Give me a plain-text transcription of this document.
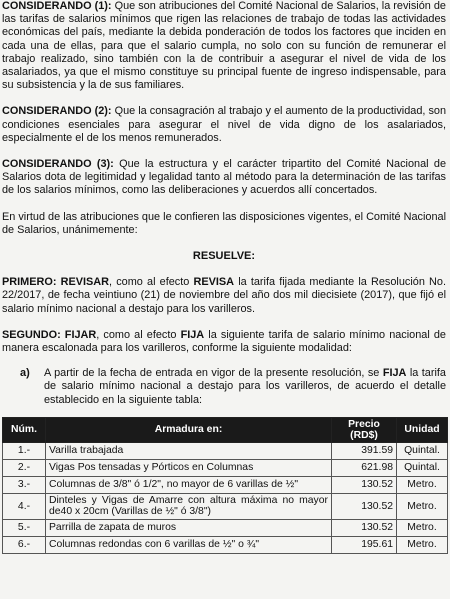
CONSIDERANDO (1): Que son atribuciones del Comité Nacional de Salarios, la revisión de las tarifas de salarios mínimos que rigen las relaciones de trabajo de todas las actividades económicas del país, mediante la debida ponderación de todos los factores que inciden en cada una de ellas, para que el salario cumpla, no solo con su función de remunerar el trabajo realizado, sino también con la de contribuir a asegurar el nivel de vida de los asalariados, ya que el mismo constituye su principal fuente de ingreso indispensable, para su subsistencia y la de sus familiares.

CONSIDERANDO (2): Que la consagración al trabajo y el aumento de la productividad, son condiciones esenciales para asegurar el nivel de vida digno de los asalariados, especialmente el de los menos remunerados.

CONSIDERANDO (3): Que la estructura y el carácter tripartito del Comité Nacional de Salarios dota de legitimidad y legalidad tanto al método para la determinación de las tarifas de los salarios mínimos, como las deliberaciones y acuerdos allí concertados.

En virtud de las atribuciones que le confieren las disposiciones vigentes, el Comité Nacional de Salarios, unánimemente:

RESUELVE:

PRIMERO: REVISAR, como al efecto REVISA la tarifa fijada mediante la Resolución No. 22/2017, de fecha veintiuno (21) de noviembre del año dos mil diecisiete (2017), que fijó el salario mínimo nacional a destajo para los varilleros.

SEGUNDO: FIJAR, como al efecto FIJA la siguiente tarifa de salario mínimo nacional de manera escalonada para los varilleros, conforme la siguiente modalidad:

a)	A partir de la fecha de entrada en vigor de la presente resolución, se FIJA la tarifa de salario mínimo nacional a destajo para los varilleros, de acuerdo el detalle establecido en la siguiente tabla:

Núm.	Armadura en:	Precio (RD$)	Unidad
1.-	Varilla trabajada	391.59	Quintal.
2.-	Vigas Pos tensadas y Pórticos en Columnas	621.98	Quintal.
3.-	Columnas de 3/8" ó 1/2", no mayor de 6 varillas de ½"	130.52	Metro.
4.-	Dinteles y Vigas de Amarre con altura máxima no mayor de40 x 20cm (Varillas de ½" ó 3/8")	130.52	Metro.
5.-	Parrilla de zapata de muros	130.52	Metro.
6.-	Columnas redondas con 6 varillas de ½" o ¾"	195.61	Metro.
